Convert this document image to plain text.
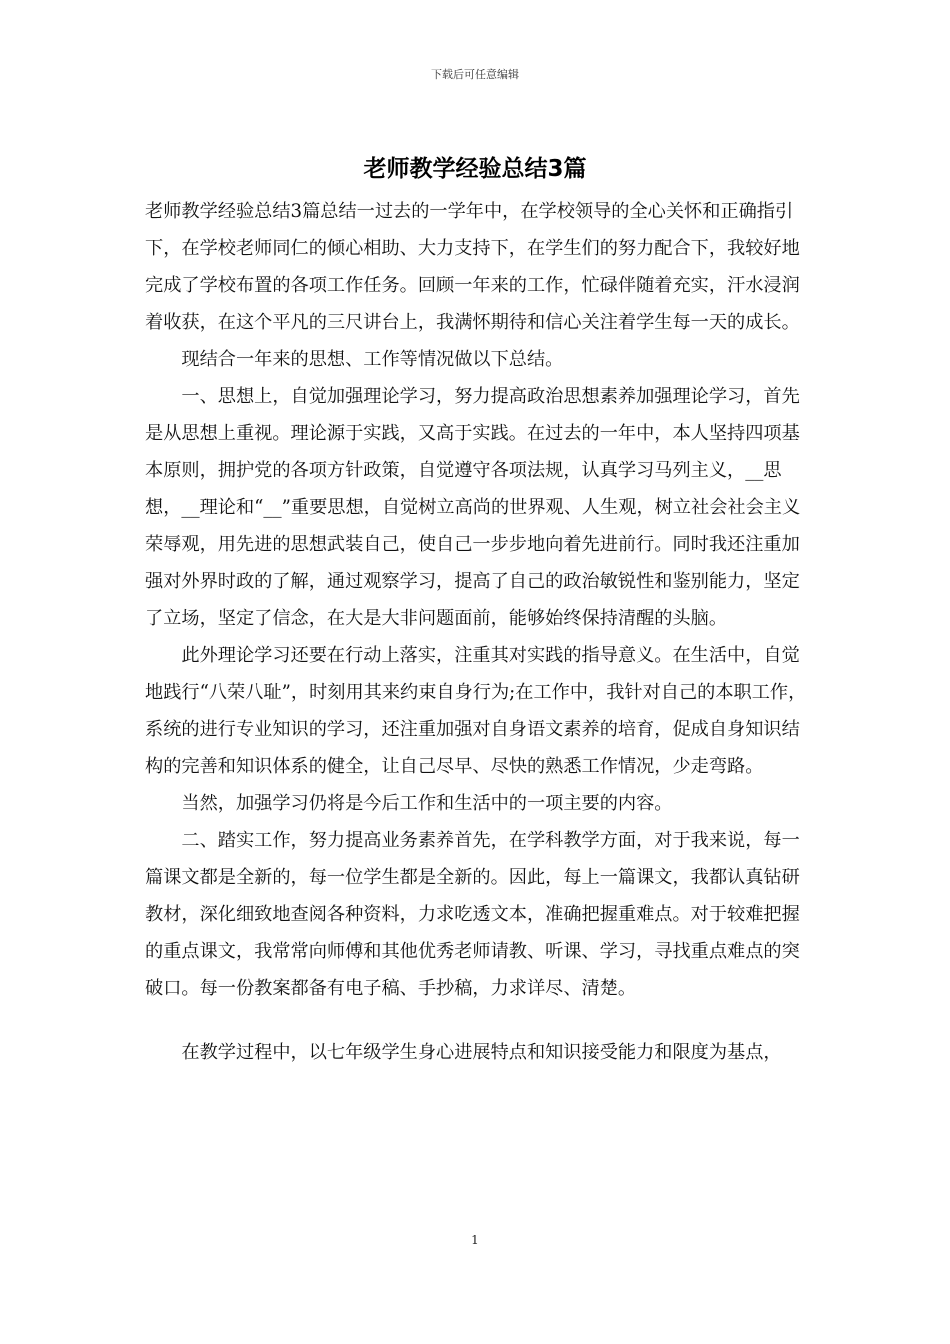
下载后可任意编辑
老师教学经验总结3篇

老师教学经验总结3篇总结一过去的一学年中，在学校领导的全心关怀和正确指引下，在学校老师同仁的倾心相助、大力支持下，在学生们的努力配合下，我较好地完成了学校布置的各项工作任务。回顾一年来的工作，忙碌伴随着充实，汗水浸润着收获，在这个平凡的三尺讲台上，我满怀期待和信心关注着学生每一天的成长。

现结合一年来的思想、工作等情况做以下总结。

一、思想上，自觉加强理论学习，努力提高政治思想素养加强理论学习，首先是从思想上重视。理论源于实践，又高于实践。在过去的一年中，本人坚持四项基本原则，拥护党的各项方针政策，自觉遵守各项法规，认真学习马列主义，__思想，__理论和“__”重要思想，自觉树立高尚的世界观、人生观，树立社会社会主义荣辱观，用先进的思想武装自己，使自己一步步地向着先进前行。同时我还注重加强对外界时政的了解，通过观察学习，提高了自己的政治敏锐性和鉴别能力，坚定了立场，坚定了信念，在大是大非问题面前，能够始终保持清醒的头脑。

此外理论学习还要在行动上落实，注重其对实践的指导意义。在生活中，自觉地践行“八荣八耻”，时刻用其来约束自身行为;在工作中，我针对自己的本职工作，系统的进行专业知识的学习，还注重加强对自身语文素养的培育，促成自身知识结构的完善和知识体系的健全，让自己尽早、尽快的熟悉工作情况，少走弯路。

当然，加强学习仍将是今后工作和生活中的一项主要的内容。

二、踏实工作，努力提高业务素养首先，在学科教学方面，对于我来说，每一篇课文都是全新的，每一位学生都是全新的。因此，每上一篇课文，我都认真钻研教材，深化细致地查阅各种资料，力求吃透文本，准确把握重难点。对于较难把握的重点课文，我常常向师傅和其他优秀老师请教、听课、学习，寻找重点难点的突破口。每一份教案都备有电子稿、手抄稿，力求详尽、清楚。

在教学过程中，以七年级学生身心进展特点和知识接受能力和限度为基点，

1
